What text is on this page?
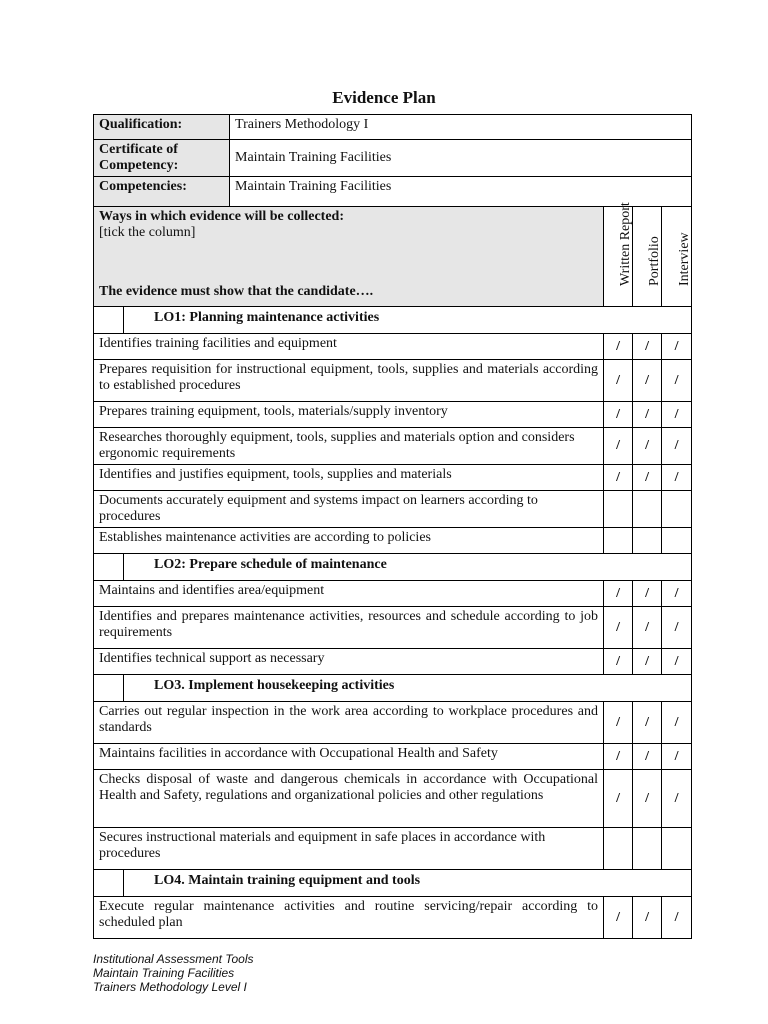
Evidence Plan
Qualification:		Trainers Methodology I			
Certificate of Competency:		Maintain Training Facilities			
Competencies:		Maintain Training Facilities			

Ways in which evidence will be collected:
[tick the column]
The evidence must show that the candidate….			Written Report	Portfolio	Interview

	LO1: Planning maintenance activities				
Identifies training facilities and equipment			/	/	/
Prepares requisition for instructional equipment, tools, supplies and materials according to established procedures			/	/	/
Prepares training equipment, tools, materials/supply inventory			/	/	/
Researches thoroughly equipment, tools, supplies and materials option and considers ergonomic requirements			/	/	/
Identifies and justifies equipment, tools, supplies and materials			/	/	/
Documents accurately equipment and systems impact on learners according to procedures					
Establishes maintenance activities are according to policies					
	LO2: Prepare schedule of maintenance				
Maintains and identifies area/equipment			/	/	/
Identifies and prepares maintenance activities, resources and schedule according to job requirements			/	/	/
Identifies technical support as necessary			/	/	/
	LO3. Implement housekeeping activities				
Carries out regular inspection in the work area according to workplace procedures and standards			/	/	/
Maintains facilities in accordance with Occupational Health and Safety			/	/	/
Checks disposal of waste and dangerous chemicals in accordance with Occupational Health and Safety, regulations and organizational policies and other regulations			/	/	/
Secures instructional materials and equipment in safe places in accordance with procedures					
	LO4. Maintain training equipment and tools				
Execute regular maintenance activities and routine servicing/repair according to scheduled plan			/	/	/
Institutional Assessment Tools
Maintain Training Facilities
Trainers Methodology Level I
